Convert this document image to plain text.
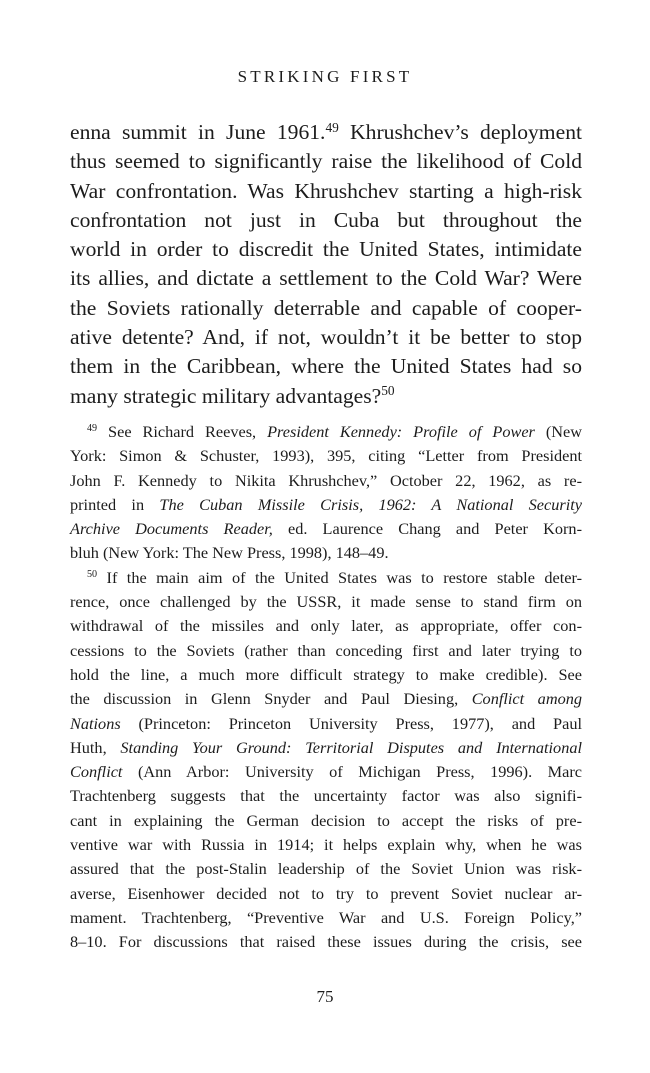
STRIKING FIRST
enna summit in June 1961.49 Khrushchev’s deployment
thus seemed to significantly raise the likelihood of Cold
War confrontation. Was Khrushchev starting a high-risk
confrontation not just in Cuba but throughout the
world in order to discredit the United States, intimidate
its allies, and dictate a settlement to the Cold War? Were
the Soviets rationally deterrable and capable of cooper-
ative detente? And, if not, wouldn’t it be better to stop
them in the Caribbean, where the United States had so
many strategic military advantages?$^{50}$
$^{49}$ See Richard Reeves, President Kennedy: Profile of Power (New
York: Simon & Schuster, 1993), 395, citing “Letter from President
John F. Kennedy to Nikita Khrushchev,” October 22, 1962, as re-
printed in The Cuban Missile Crisis, 1962: A National Security
Archive Documents Reader, ed. Laurence Chang and Peter Korn-
bluh (New York: The New Press, 1998), 148–49.
$^{50}$ If the main aim of the United States was to restore stable deter-
rence, once challenged by the USSR, it made sense to stand firm on
withdrawal of the missiles and only later, as appropriate, offer con-
cessions to the Soviets (rather than conceding first and later trying to
hold the line, a much more difficult strategy to make credible). See
the discussion in Glenn Snyder and Paul Diesing, Conflict among
Nations (Princeton: Princeton University Press, 1977), and Paul
Huth, Standing Your Ground: Territorial Disputes and International
Conflict (Ann Arbor: University of Michigan Press, 1996). Marc
Trachtenberg suggests that the uncertainty factor was also signifi-
cant in explaining the German decision to accept the risks of pre-
ventive war with Russia in 1914; it helps explain why, when he was
assured that the post-Stalin leadership of the Soviet Union was risk-
averse, Eisenhower decided not to try to prevent Soviet nuclear ar-
mament. Trachtenberg, “Preventive War and U.S. Foreign Policy,”
8–10. For discussions that raised these issues during the crisis, see
75
